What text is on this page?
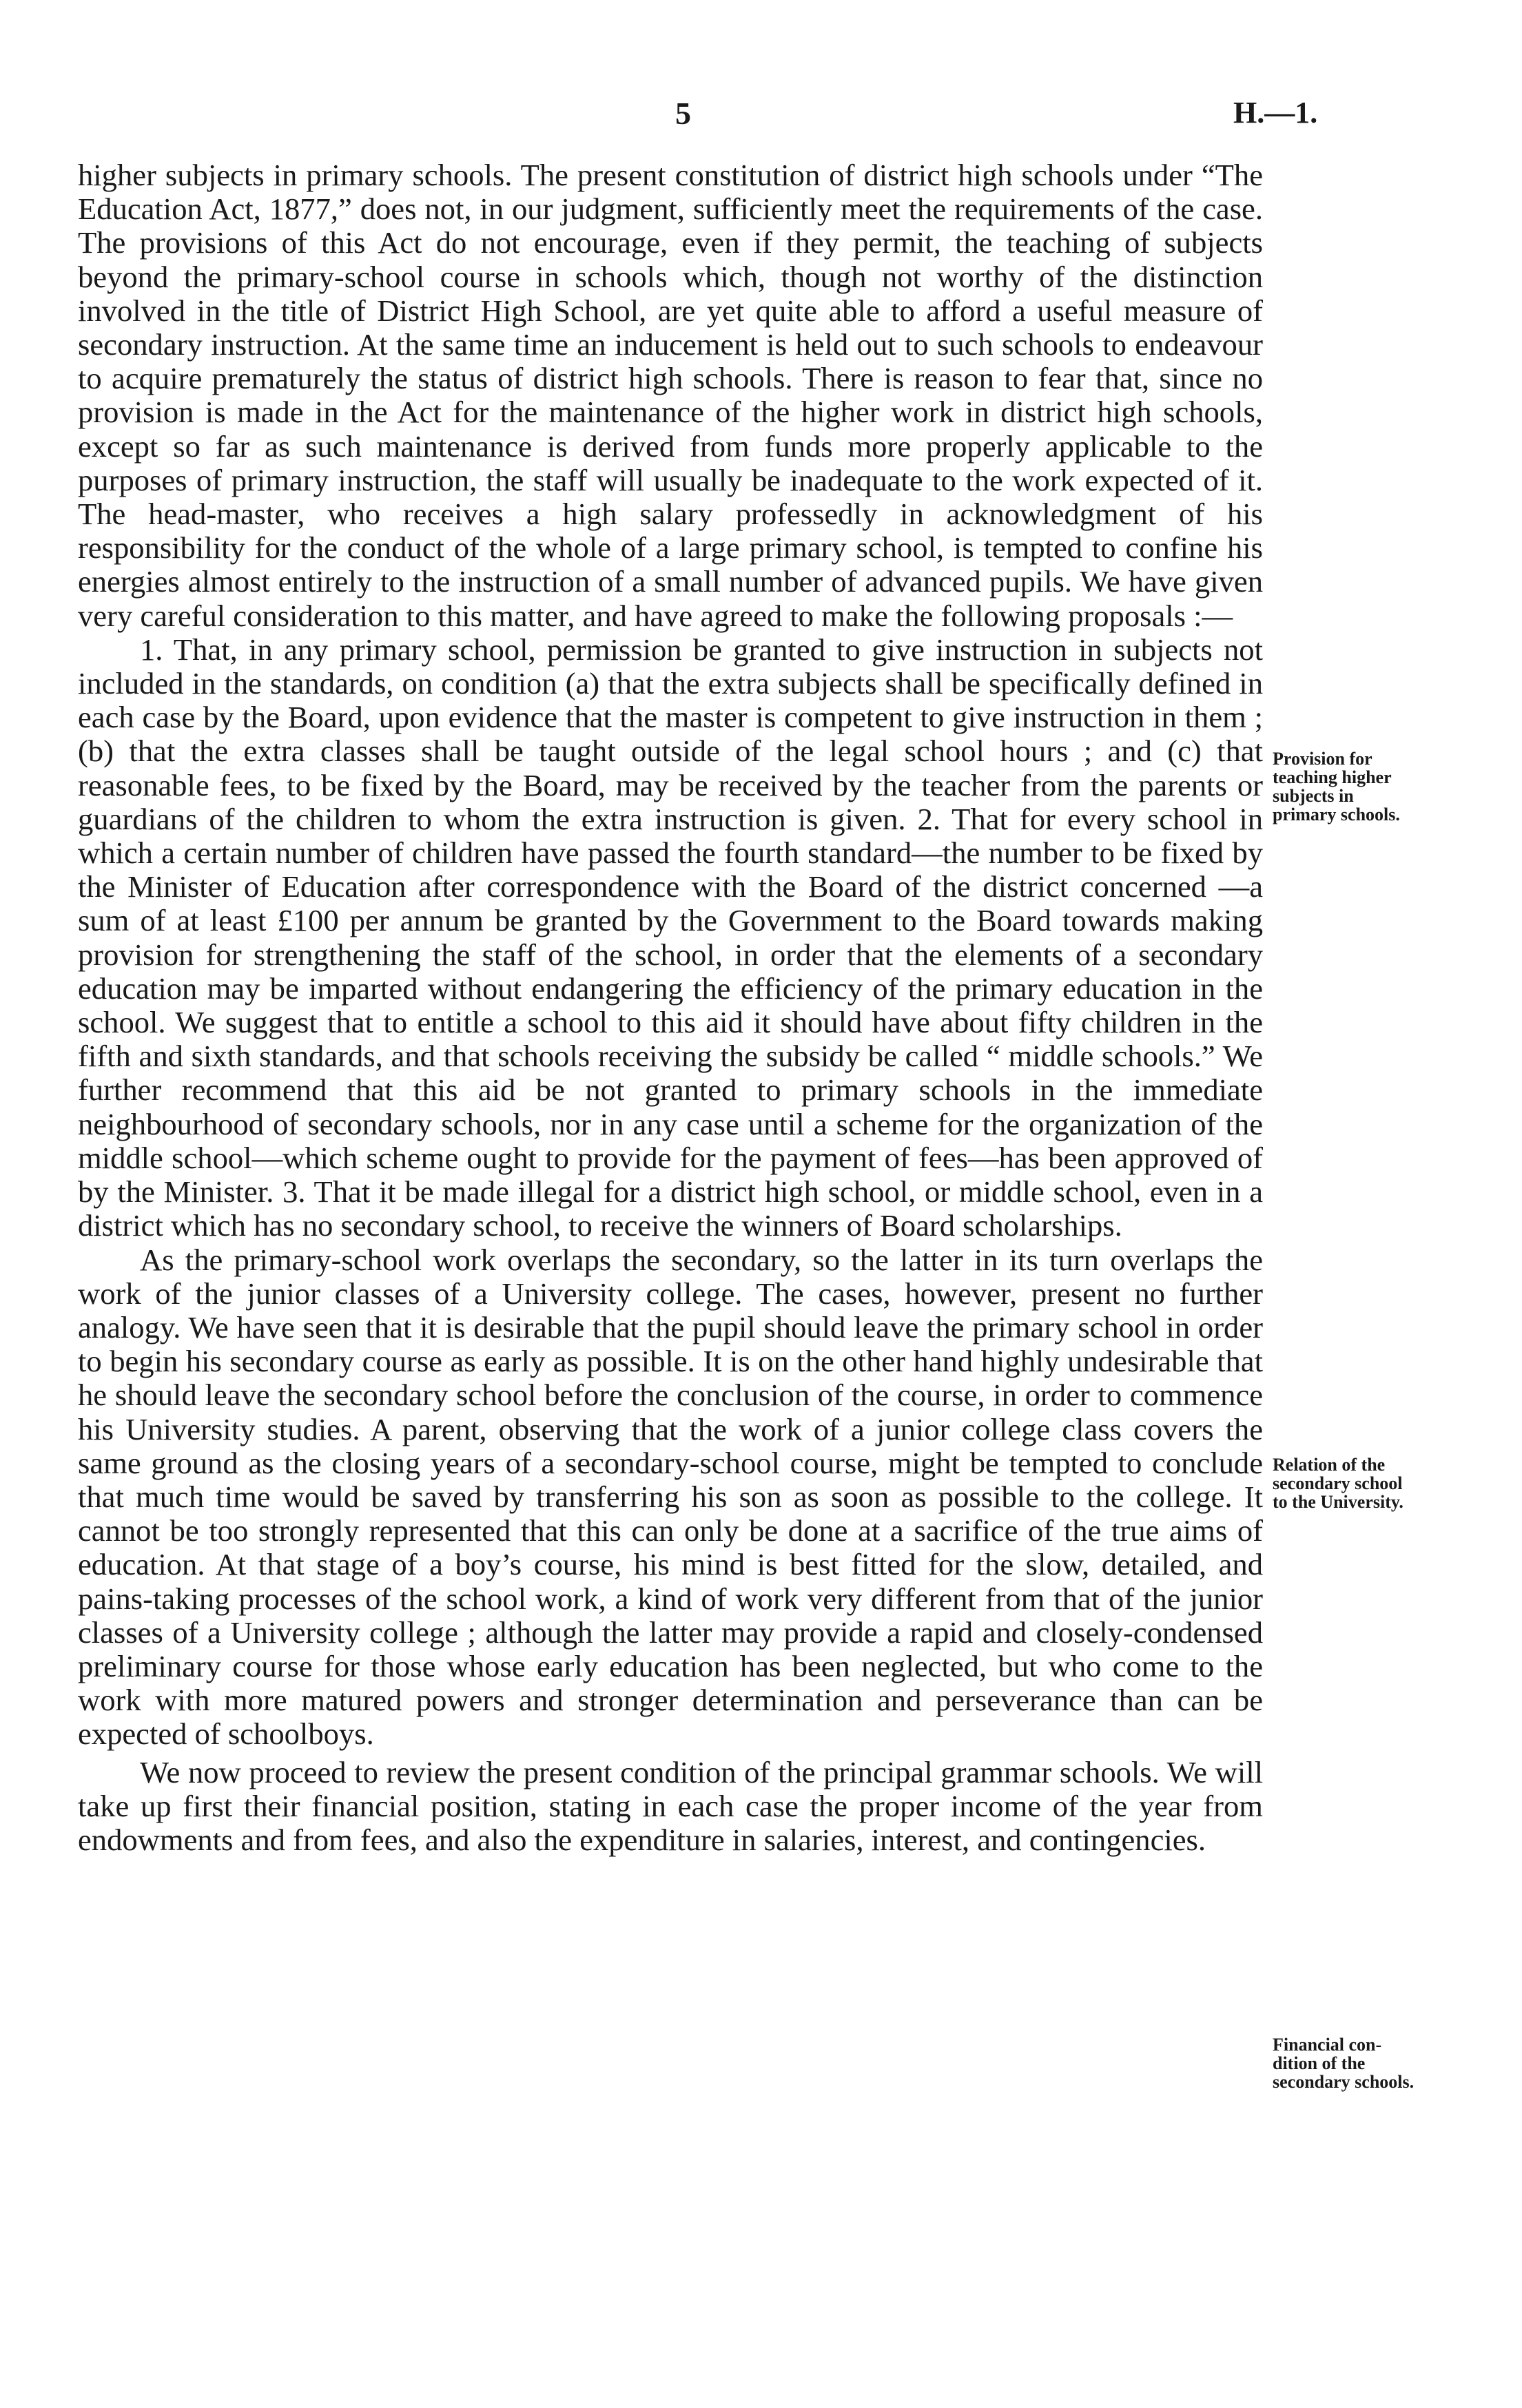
5	H.—1.

higher subjects in primary schools. The present constitution of district high schools under “The Education Act, 1877,” does not, in our judgment, sufficiently meet the requirements of the case. The provisions of this Act do not encourage, even if they permit, the teaching of subjects beyond the primary-school course in schools which, though not worthy of the distinction involved in the title of District High School, are yet quite able to afford a useful measure of secondary instruction. At the same time an inducement is held out to such schools to endeavour to acquire prematurely the status of district high schools. There is reason to fear that, since no provision is made in the Act for the maintenance of the higher work in district high schools, except so far as such maintenance is derived from funds more properly applicable to the purposes of primary instruction, the staff will usually be inadequate to the work expected of it. The head-master, who receives a high salary professedly in acknowledgment of his responsibility for the conduct of the whole of a large primary school, is tempted to confine his energies almost entirely to the instruction of a small number of advanced pupils. We have given very careful consideration to this matter, and have agreed to make the following proposals :—

1. That, in any primary school, permission be granted to give instruction in subjects not included in the standards, on condition (a) that the extra subjects shall be specifically defined in each case by the Board, upon evidence that the master is competent to give instruction in them ; (b) that the extra classes shall be taught outside of the legal school hours ; and (c) that reasonable fees, to be fixed by the Board, may be received by the teacher from the parents or guardians of the children to whom the extra instruction is given. 2. That for every school in which a certain number of children have passed the fourth standard—the number to be fixed by the Minister of Education after correspondence with the Board of the district concerned —a sum of at least £100 per annum be granted by the Government to the Board towards making provision for strengthening the staff of the school, in order that the elements of a secondary education may be imparted without endangering the efficiency of the primary education in the school. We suggest that to entitle a school to this aid it should have about fifty children in the fifth and sixth standards, and that schools receiving the subsidy be called “ middle schools.” We further recommend that this aid be not granted to primary schools in the immediate neighbourhood of secondary schools, nor in any case until a scheme for the organization of the middle school—which scheme ought to provide for the payment of fees—has been approved of by the Minister. 3. That it be made illegal for a district high school, or middle school, even in a district which has no secondary school, to receive the winners of Board scholarships.

As the primary-school work overlaps the secondary, so the latter in its turn overlaps the work of the junior classes of a University college. The cases, however, present no further analogy. We have seen that it is desirable that the pupil should leave the primary school in order to begin his secondary course as early as possible. It is on the other hand highly undesirable that he should leave the secondary school before the conclusion of the course, in order to commence his University studies. A parent, observing that the work of a junior college class covers the same ground as the closing years of a secondary-school course, might be tempted to conclude that much time would be saved by transferring his son as soon as possible to the college. It cannot be too strongly represented that this can only be done at a sacrifice of the true aims of education. At that stage of a boy’s course, his mind is best fitted for the slow, detailed, and pains-taking processes of the school work, a kind of work very different from that of the junior classes of a University college ; although the latter may provide a rapid and closely-condensed preliminary course for those whose early education has been neglected, but who come to the work with more matured powers and stronger determination and perseverance than can be expected of schoolboys.

We now proceed to review the present condition of the principal grammar schools. We will take up first their financial position, stating in each case the proper income of the year from endowments and from fees, and also the expenditure in salaries, interest, and contingencies.

Provision for
teaching higher
subjects in
primary schools.
Relation of the
secondary school
to the University.
Financial con-
dition of the
secondary schools.
